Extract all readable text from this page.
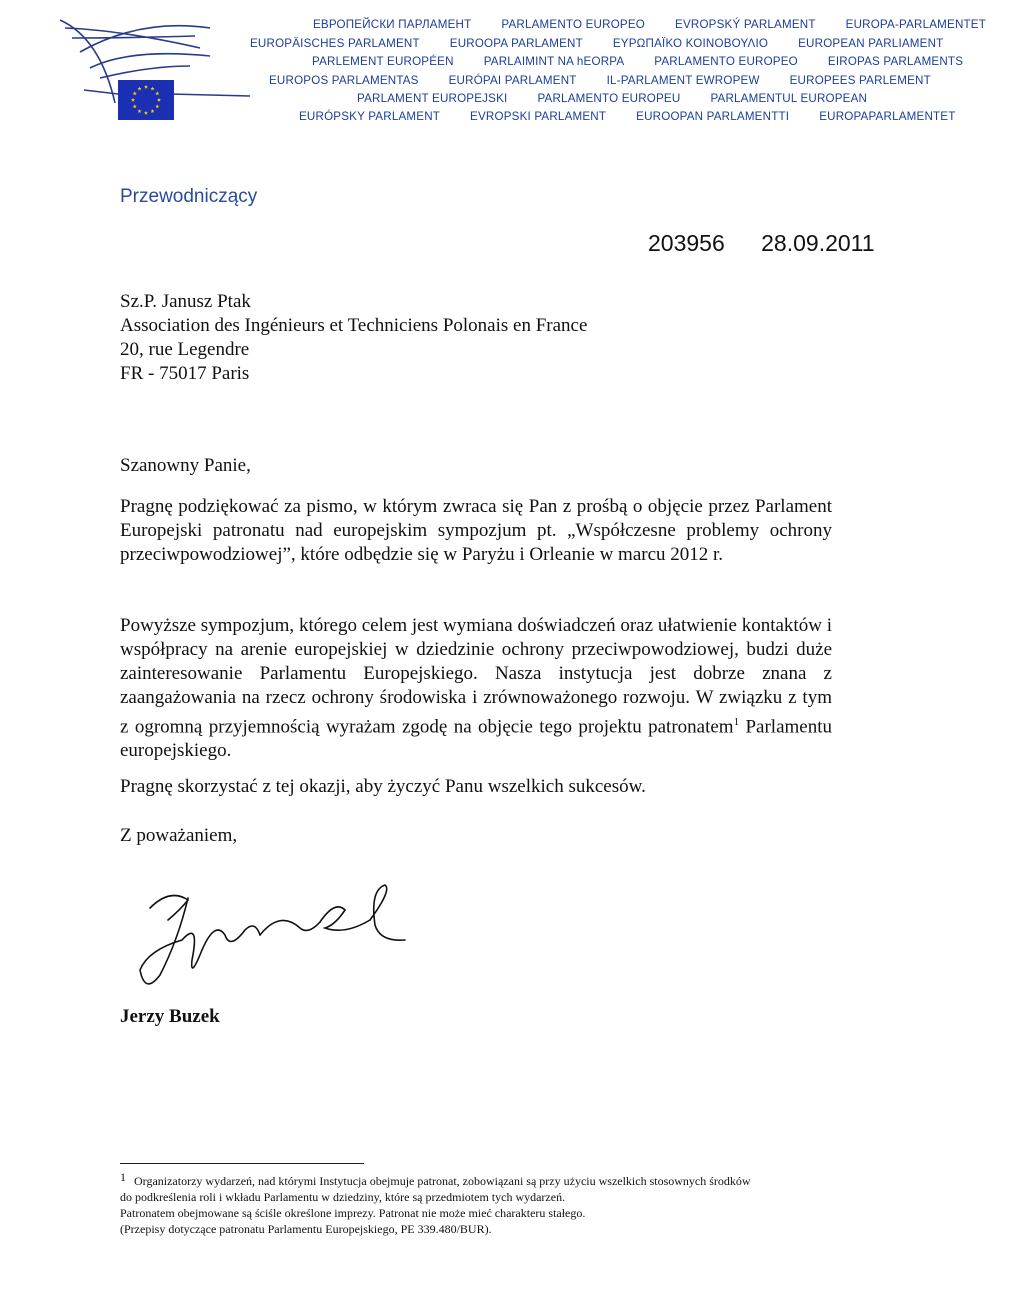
ЕВРОПЕЙСКИ ПАРЛАМЕНТ	PARLAMENTO EUROPEO	EVROPSKÝ PARLAMENT	EUROPA-PARLAMENTET
EUROPÄISCHES PARLAMENT	EUROOPA PARLAMENT	ΕΥΡΩΠΑΪΚΟ ΚΟΙΝΟΒΟΥΛΙΟ	EUROPEAN PARLIAMENT
PARLEMENT EUROPÉEN	PARLAIMINT NA hEORPA	PARLAMENTO EUROPEO	EIROPAS PARLAMENTS
EUROPOS PARLAMENTAS	EURÓPAI PARLAMENT	IL-PARLAMENT EWROPEW	EUROPEES PARLEMENT
PARLAMENT EUROPEJSKI	PARLAMENTO EUROPEU	PARLAMENTUL EUROPEAN
EURÓPSKY PARLAMENT	EVROPSKI PARLAMENT	EUROOPAN PARLAMENTTI	EUROPAPARLAMENTET
Przewodniczący
203956 28.09.2011
Sz.P. Janusz Ptak
Association des Ingénieurs et Techniciens Polonais en France
20, rue Legendre
FR - 75017 Paris
Szanowny Panie,
Pragnę podziękować za pismo, w którym zwraca się Pan z prośbą o objęcie przez Parlament Europejski patronatu nad europejskim sympozjum pt. „Współczesne problemy ochrony przeciwpowodziowej”, które odbędzie się w Paryżu i Orleanie w marcu 2012 r.
Powyższe sympozjum, którego celem jest wymiana doświadczeń oraz ułatwienie kontaktów i współpracy na arenie europejskiej w dziedzinie ochrony przeciwpowodziowej, budzi duże zainteresowanie Parlamentu Europejskiego. Nasza instytucja jest dobrze znana z zaangażowania na rzecz ochrony środowiska i zrównoważonego rozwoju. W związku z tym z ogromną przyjemnością wyrażam zgodę na objęcie tego projektu patronatem$^1$ Parlamentu europejskiego.
Pragnę skorzystać z tej okazji, aby życzyć Panu wszelkich sukcesów.
Z poważaniem,
Jerzy Buzek
1 Organizatorzy wydarzeń, nad którymi Instytucja obejmuje patronat, zobowiązani są przy użyciu wszelkich stosownych środków
do podkreślenia roli i wkładu Parlamentu w dziedziny, które są przedmiotem tych wydarzeń.
Patronatem obejmowane są ściśle określone imprezy. Patronat nie może mieć charakteru stałego.
(Przepisy dotyczące patronatu Parlamentu Europejskiego, PE 339.480/BUR).
